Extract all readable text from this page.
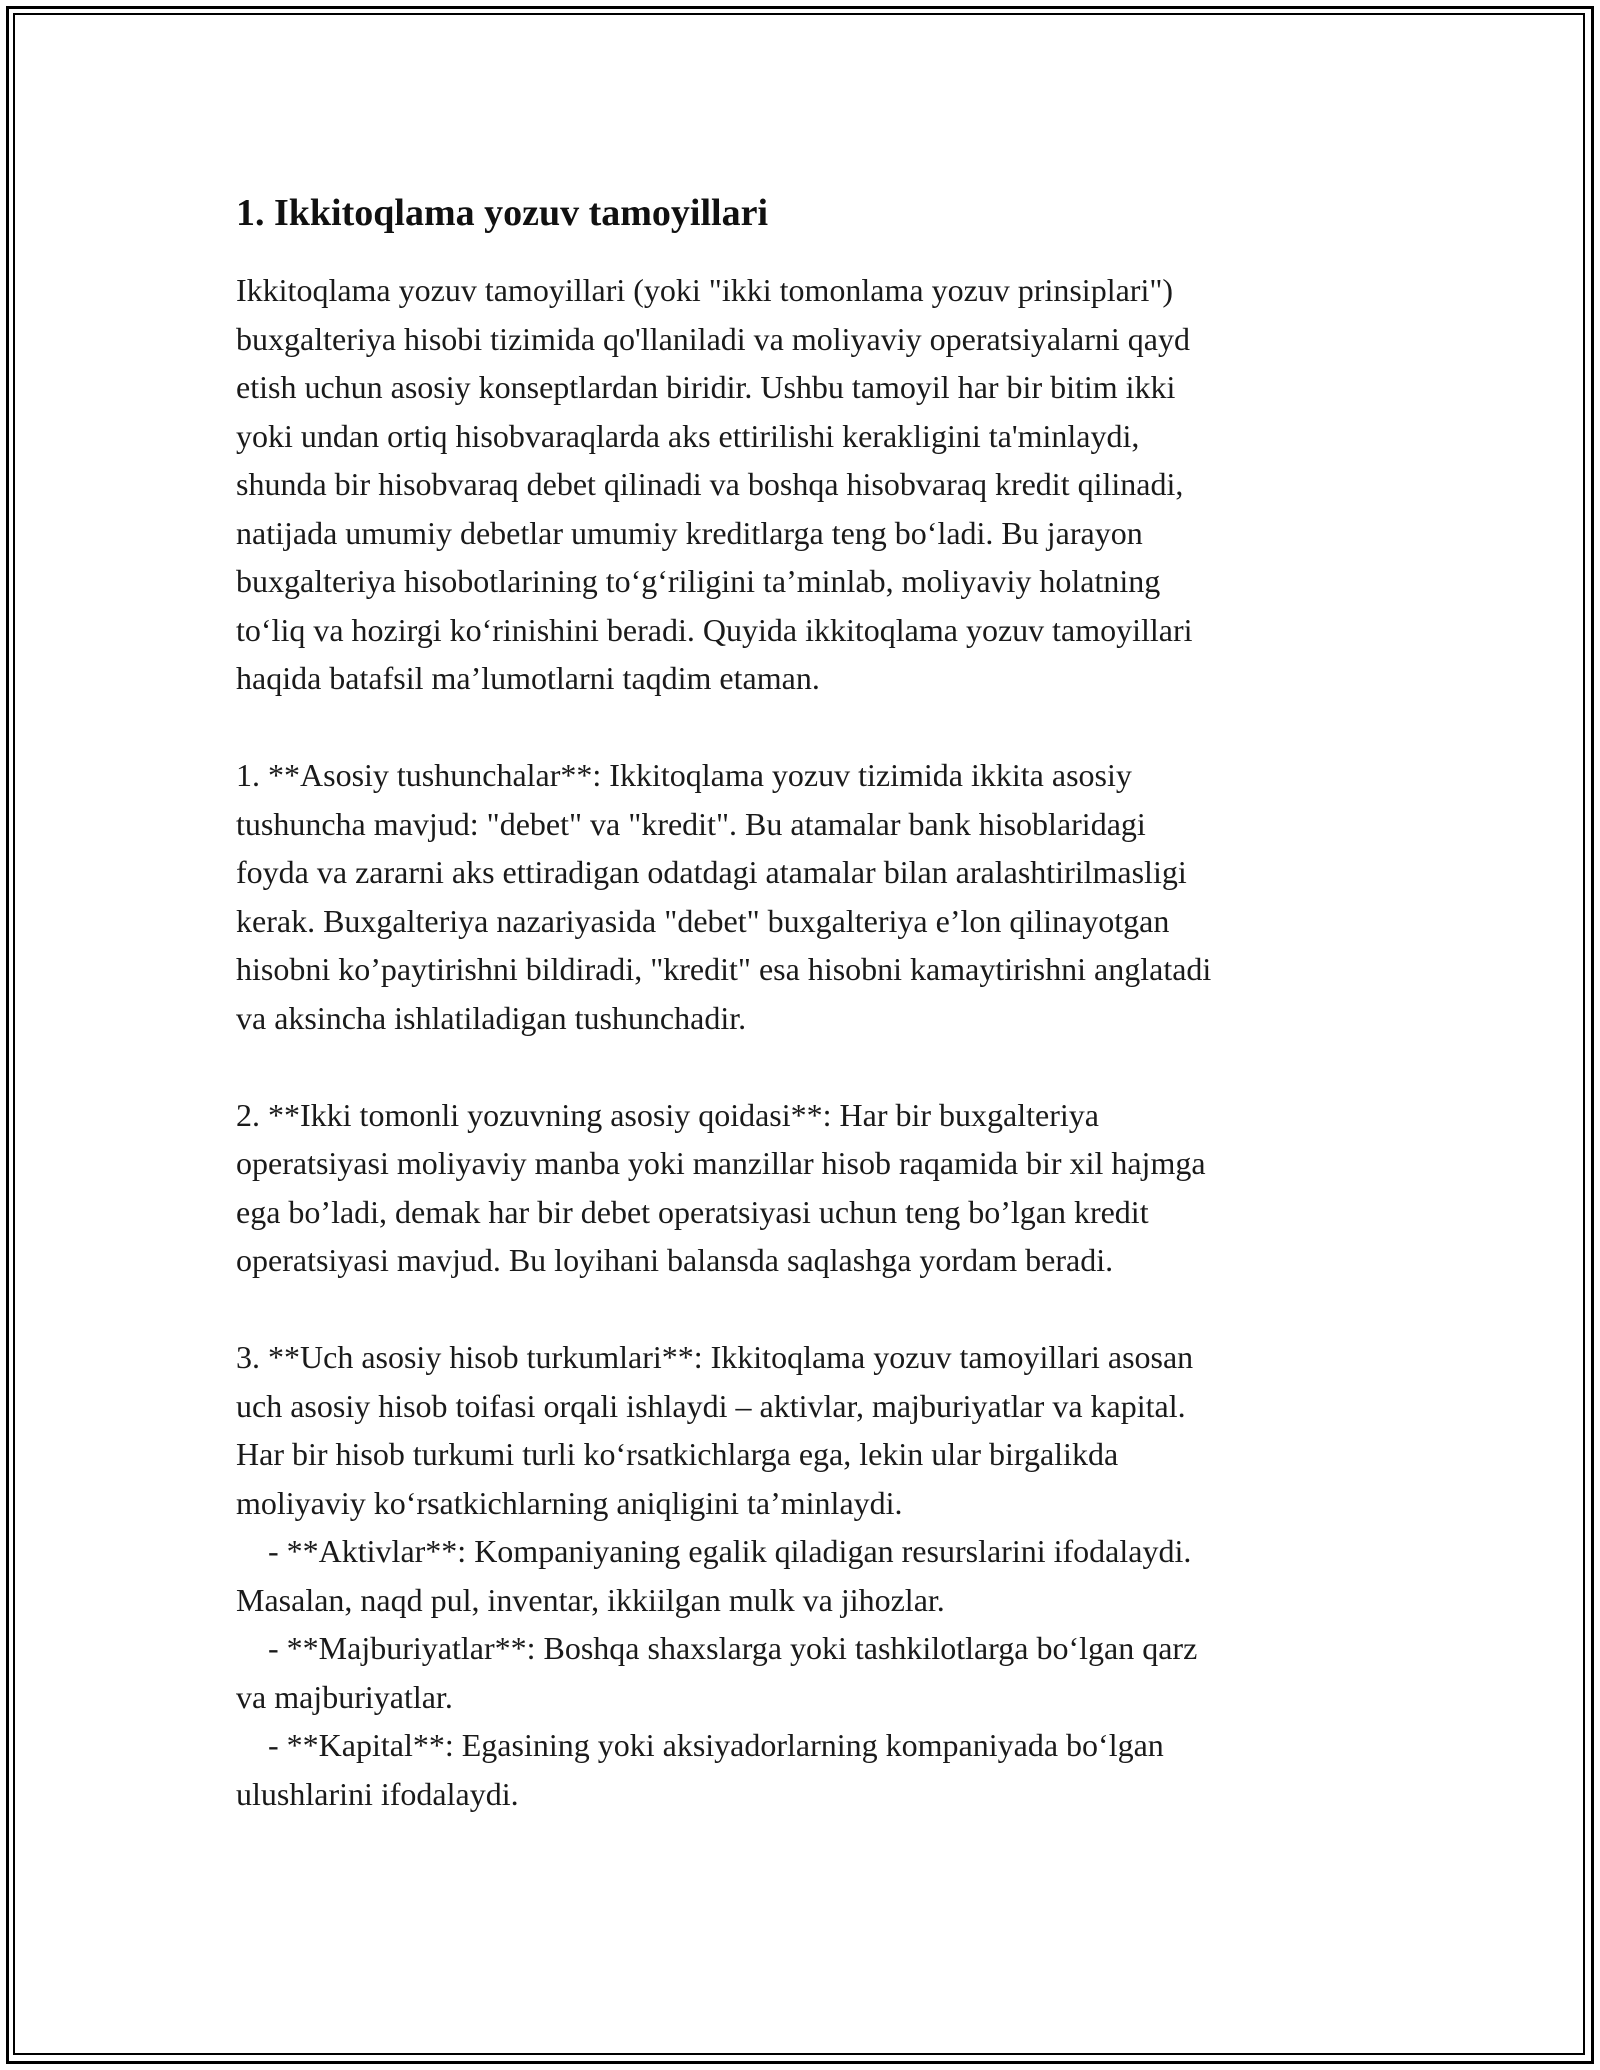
1. Ikkitoqlama yozuv tamoyillari

Ikkitoqlama yozuv tamoyillari (yoki "ikki tomonlama yozuv prinsiplari")
buxgalteriya hisobi tizimida qo'llaniladi va moliyaviy operatsiyalarni qayd
etish uchun asosiy konseptlardan biridir. Ushbu tamoyil har bir bitim ikki
yoki undan ortiq hisobvaraqlarda aks ettirilishi kerakligini ta'minlaydi,
shunda bir hisobvaraq debet qilinadi va boshqa hisobvaraq kredit qilinadi,
natijada umumiy debetlar umumiy kreditlarga teng boʻladi. Bu jarayon
buxgalteriya hisobotlarining toʻgʻriligini taʼminlab, moliyaviy holatning
toʻliq va hozirgi koʻrinishini beradi. Quyida ikkitoqlama yozuv tamoyillari
haqida batafsil maʼlumotlarni taqdim etaman.

1. **Asosiy tushunchalar**: Ikkitoqlama yozuv tizimida ikkita asosiy
tushuncha mavjud: "debet" va "kredit". Bu atamalar bank hisoblaridagi
foyda va zararni aks ettiradigan odatdagi atamalar bilan aralashtirilmasligi
kerak. Buxgalteriya nazariyasida "debet" buxgalteriya e’lon qilinayotgan
hisobni ko’paytirishni bildiradi, "kredit" esa hisobni kamaytirishni anglatadi
va aksincha ishlatiladigan tushunchadir.

2. **Ikki tomonli yozuvning asosiy qoidasi**: Har bir buxgalteriya
operatsiyasi moliyaviy manba yoki manzillar hisob raqamida bir xil hajmga
ega bo’ladi, demak har bir debet operatsiyasi uchun teng bo’lgan kredit
operatsiyasi mavjud. Bu loyihani balansda saqlashga yordam beradi.

3. **Uch asosiy hisob turkumlari**: Ikkitoqlama yozuv tamoyillari asosan
uch asosiy hisob toifasi orqali ishlaydi – aktivlar, majburiyatlar va kapital.
Har bir hisob turkumi turli koʻrsatkichlarga ega, lekin ular birgalikda
moliyaviy koʻrsatkichlarning aniqligini taʼminlaydi.
- **Aktivlar**: Kompaniyaning egalik qiladigan resurslarini ifodalaydi.
Masalan, naqd pul, inventar, ikkiilgan mulk va jihozlar.
- **Majburiyatlar**: Boshqa shaxslarga yoki tashkilotlarga boʻlgan qarz
va majburiyatlar.
- **Kapital**: Egasining yoki aksiyadorlarning kompaniyada boʻlgan
ulushlarini ifodalaydi.
